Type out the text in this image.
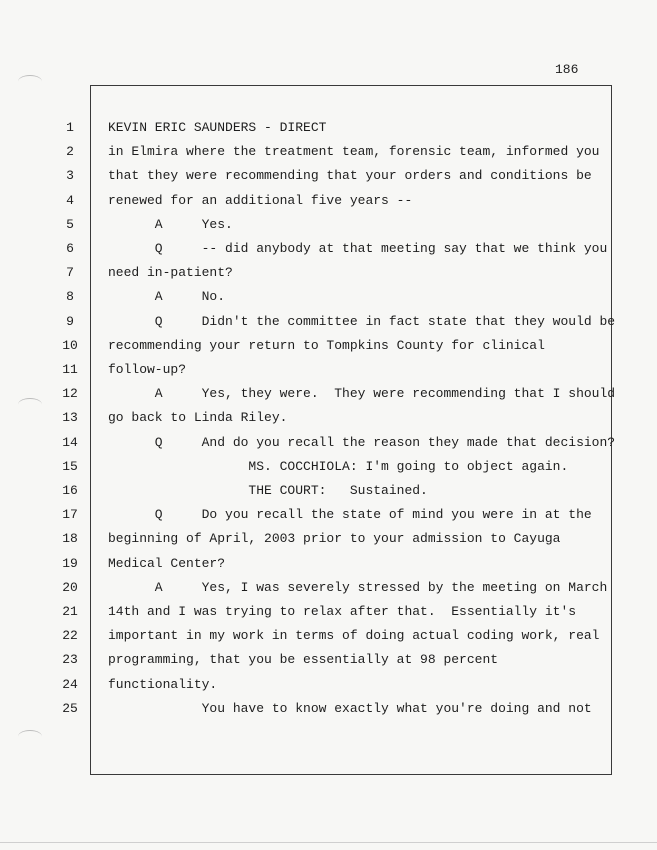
186
1	KEVIN ERIC SAUNDERS - DIRECT
2	in Elmira where the treatment team, forensic team, informed you
3	that they were recommending that your orders and conditions be
4	renewed for an additional five years --
5	A     Yes.
6	Q     -- did anybody at that meeting say that we think you
7	need in-patient?
8	A     No.
9	Q     Didn't the committee in fact state that they would be
10	recommending your return to Tompkins County for clinical
11	follow-up?
12	A     Yes, they were.  They were recommending that I should
13	go back to Linda Riley.
14	Q     And do you recall the reason they made that decision?
15	MS. COCCHIOLA: I'm going to object again.
16	THE COURT:   Sustained.
17	Q     Do you recall the state of mind you were in at the
18	beginning of April, 2003 prior to your admission to Cayuga
19	Medical Center?
20	A     Yes, I was severely stressed by the meeting on March
21	14th and I was trying to relax after that.  Essentially it's
22	important in my work in terms of doing actual coding work, real
23	programming, that you be essentially at 98 percent
24	functionality.
25	You have to know exactly what you're doing and not
